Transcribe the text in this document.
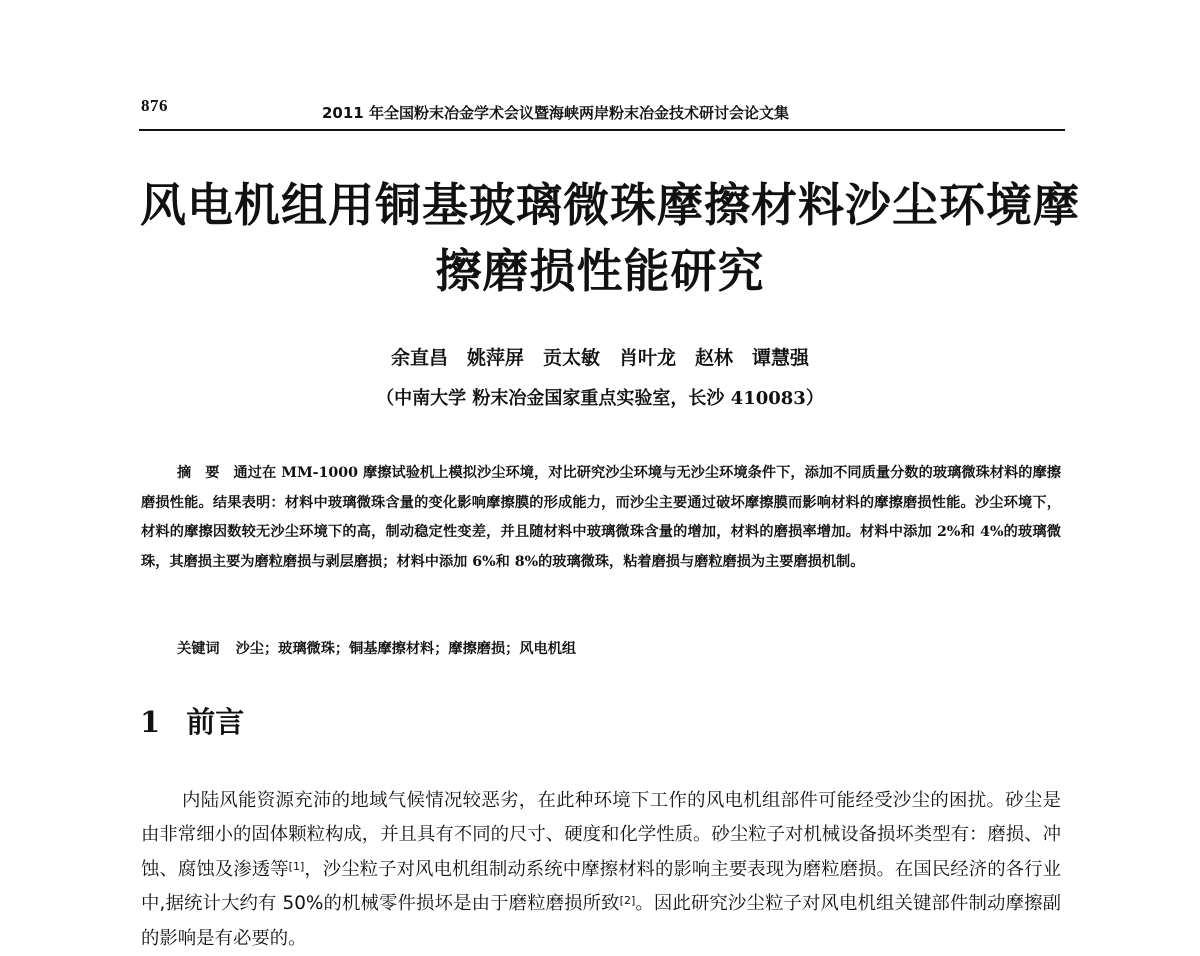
876	2011 年全国粉末冶金学术会议暨海峡两岸粉末冶金技术研讨会论文集
风电机组用铜基玻璃微珠摩擦材料沙尘环境摩
擦磨损性能研究
余直昌　姚萍屏　贡太敏　肖叶龙　赵林　谭慧强
（中南大学 粉末冶金国家重点实验室，长沙 410083）

摘要通过在 MM-1000 摩擦试验机上模拟沙尘环境，对比研究沙尘环境与无沙尘环境条件下，添加不同质量分数的玻璃微珠材料的摩擦磨损性能。结果表明：材料中玻璃微珠含量的变化影响摩擦膜的形成能力，而沙尘主要通过破坏摩擦膜而影响材料的摩擦磨损性能。沙尘环境下，材料的摩擦因数较无沙尘环境下的高，制动稳定性变差，并且随材料中玻璃微珠含量的增加，材料的磨损率增加。材料中添加 2%和 4%的玻璃微珠，其磨损主要为磨粒磨损与剥层磨损；材料中添加 6%和 8%的玻璃微珠，粘着磨损与磨粒磨损为主要磨损机制。

关键词 沙尘；玻璃微珠；铜基摩擦材料；摩擦磨损；风电机组
1 前言

内陆风能资源充沛的地域气候情况较恶劣，在此种环境下工作的风电机组部件可能经受沙尘的困扰。砂尘是由非常细小的固体颗粒构成，并且具有不同的尺寸、硬度和化学性质。砂尘粒子对机械设备损坏类型有：磨损、冲蚀、腐蚀及渗透等[1]，沙尘粒子对风电机组制动系统中摩擦材料的影响主要表现为磨粒磨损。在国民经济的各行业中,据统计大约有 50%的机械零件损坏是由于磨粒磨损所致[2]。因此研究沙尘粒子对风电机组关键部件制动摩擦副的影响是有必要的。
